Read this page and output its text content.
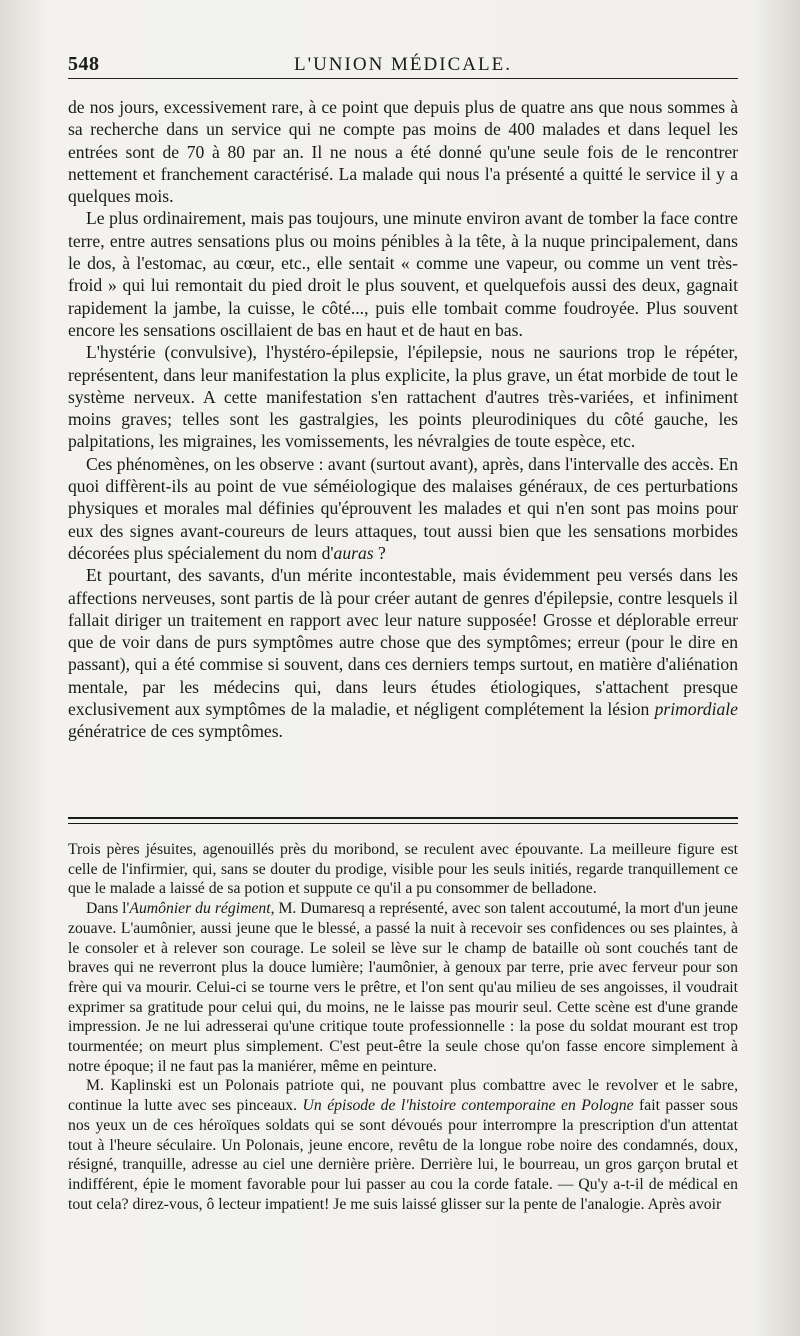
548	L'UNION MÉDICALE.

de nos jours, excessivement rare, à ce point que depuis plus de quatre ans que nous sommes à sa recherche dans un service qui ne compte pas moins de 400 malades et dans lequel les entrées sont de 70 à 80 par an. Il ne nous a été donné qu'une seule fois de le rencontrer nettement et franchement caractérisé. La malade qui nous l'a présenté a quitté le service il y a quelques mois.

Le plus ordinairement, mais pas toujours, une minute environ avant de tomber la face contre terre, entre autres sensations plus ou moins pénibles à la tête, à la nuque principalement, dans le dos, à l'estomac, au cœur, etc., elle sentait « comme une vapeur, ou comme un vent très-froid » qui lui remontait du pied droit le plus souvent, et quelquefois aussi des deux, gagnait rapidement la jambe, la cuisse, le côté..., puis elle tombait comme foudroyée. Plus souvent encore les sensations oscillaient de bas en haut et de haut en bas.

L'hystérie (convulsive), l'hystéro-épilepsie, l'épilepsie, nous ne saurions trop le répéter, représentent, dans leur manifestation la plus explicite, la plus grave, un état morbide de tout le système nerveux. A cette manifestation s'en rattachent d'autres très-variées, et infiniment moins graves; telles sont les gastralgies, les points pleurodiniques du côté gauche, les palpitations, les migraines, les vomissements, les névralgies de toute espèce, etc.

Ces phénomènes, on les observe : avant (surtout avant), après, dans l'intervalle des accès. En quoi diffèrent-ils au point de vue séméiologique des malaises généraux, de ces perturbations physiques et morales mal définies qu'éprouvent les malades et qui n'en sont pas moins pour eux des signes avant-coureurs de leurs attaques, tout aussi bien que les sensations morbides décorées plus spécialement du nom d'auras ?

Et pourtant, des savants, d'un mérite incontestable, mais évidemment peu versés dans les affections nerveuses, sont partis de là pour créer autant de genres d'épilepsie, contre lesquels il fallait diriger un traitement en rapport avec leur nature supposée! Grosse et déplorable erreur que de voir dans de purs symptômes autre chose que des symptômes; erreur (pour le dire en passant), qui a été commise si souvent, dans ces derniers temps surtout, en matière d'aliénation mentale, par les médecins qui, dans leurs études étiologiques, s'attachent presque exclusivement aux symptômes de la maladie, et négligent complétement la lésion primordiale génératrice de ces symptômes.

Trois pères jésuites, agenouillés près du moribond, se reculent avec épouvante. La meilleure figure est celle de l'infirmier, qui, sans se douter du prodige, visible pour les seuls initiés, regarde tranquillement ce que le malade a laissé de sa potion et suppute ce qu'il a pu consommer de belladone.

Dans l'Aumônier du régiment, M. Dumaresq a représenté, avec son talent accoutumé, la mort d'un jeune zouave. L'aumônier, aussi jeune que le blessé, a passé la nuit à recevoir ses confidences ou ses plaintes, à le consoler et à relever son courage. Le soleil se lève sur le champ de bataille où sont couchés tant de braves qui ne reverront plus la douce lumière; l'aumônier, à genoux par terre, prie avec ferveur pour son frère qui va mourir. Celui-ci se tourne vers le prêtre, et l'on sent qu'au milieu de ses angoisses, il voudrait exprimer sa gratitude pour celui qui, du moins, ne le laisse pas mourir seul. Cette scène est d'une grande impression. Je ne lui adresserai qu'une critique toute professionnelle : la pose du soldat mourant est trop tourmentée; on meurt plus simplement. C'est peut-être la seule chose qu'on fasse encore simplement à notre époque; il ne faut pas la maniérer, même en peinture.

M. Kaplinski est un Polonais patriote qui, ne pouvant plus combattre avec le revolver et le sabre, continue la lutte avec ses pinceaux. Un épisode de l'histoire contemporaine en Pologne fait passer sous nos yeux un de ces héroïques soldats qui se sont dévoués pour interrompre la prescription d'un attentat tout à l'heure séculaire. Un Polonais, jeune encore, revêtu de la longue robe noire des condamnés, doux, résigné, tranquille, adresse au ciel une dernière prière. Derrière lui, le bourreau, un gros garçon brutal et indifférent, épie le moment favorable pour lui passer au cou la corde fatale. — Qu'y a-t-il de médical en tout cela? direz-vous, ô lecteur impatient! Je me suis laissé glisser sur la pente de l'analogie. Après avoir
